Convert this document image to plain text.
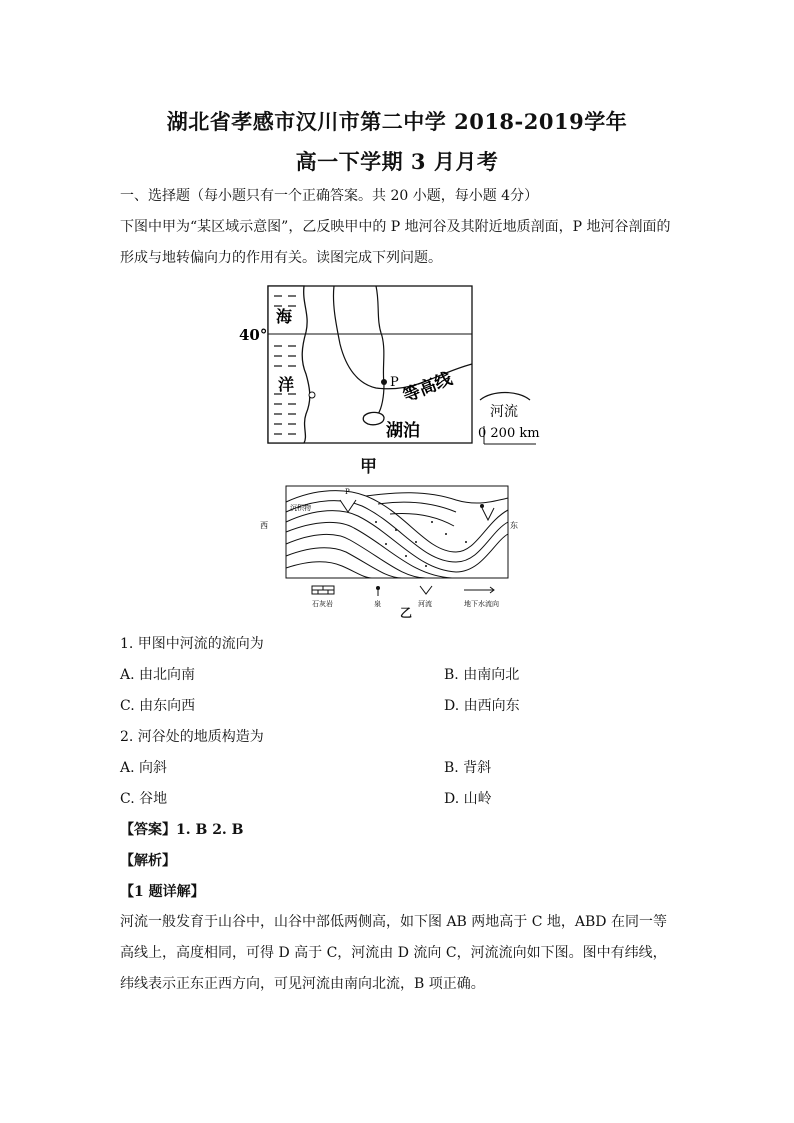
湖北省孝感市汉川市第二中学 2018-2019学年
高一下学期 3 月月考
一、选择题（每小题只有一个正确答案。共 20 小题，每小题 4分）
下图中甲为“某区域示意图”，乙反映甲中的 P 地河谷及其附近地质剖面，P 地河谷剖面的
形成与地转偏向力的作用有关。读图完成下列问题。
海
洋
40°
P 等高线
湖泊
河流
0 200 km
甲
P
沉积物
西	东
石灰岩	泉	河流	地下水流向
乙
1. 甲图中河流的流向为
A. 由北向南	B. 由南向北
C. 由东向西	D. 由西向东
2. 河谷处的地质构造为
A. 向斜	B. 背斜
C. 谷地	D. 山岭
【答案】1. B 2. B
【解析】
【1 题详解】
河流一般发育于山谷中，山谷中部低两侧高，如下图 AB 两地高于 C 地，ABD 在同一等高线上，高度相同，可得 D 高于 C，河流由 D 流向 C，河流流向如下图。图中有纬线，纬线表示正东正西方向，可见河流由南向北流，B 项正确。
